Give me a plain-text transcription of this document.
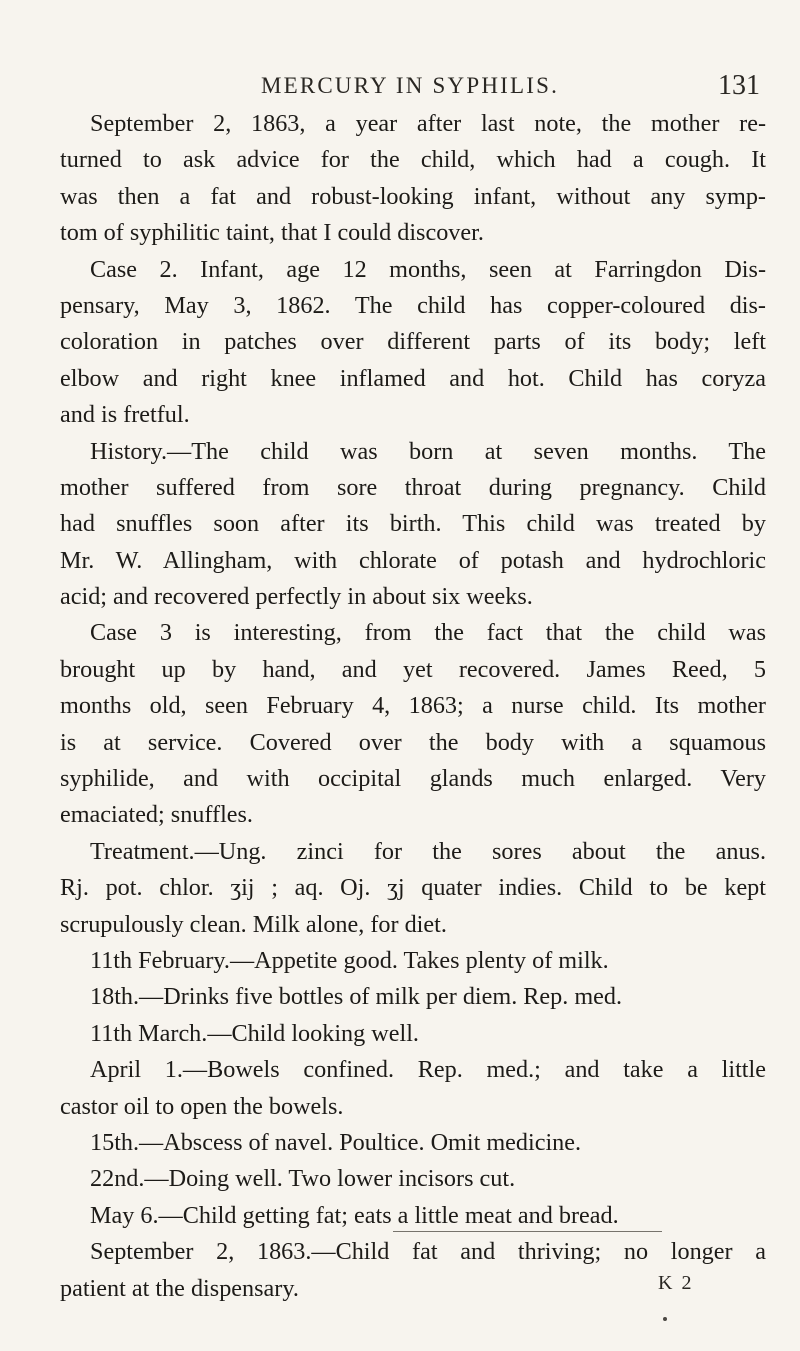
MERCURY IN SYPHILIS.	131
September 2, 1863, a year after last note, the mother re-
turned to ask advice for the child, which had a cough. It
was then a fat and robust-looking infant, without any symp-
tom of syphilitic taint, that I could discover.
Case 2. Infant, age 12 months, seen at Farringdon Dis-
pensary, May 3, 1862. The child has copper-coloured dis-
coloration in patches over different parts of its body; left
elbow and right knee inflamed and hot. Child has coryza
and is fretful.
History.—The child was born at seven months. The
mother suffered from sore throat during pregnancy. Child
had snuffles soon after its birth. This child was treated by
Mr. W. Allingham, with chlorate of potash and hydrochloric
acid; and recovered perfectly in about six weeks.
Case 3 is interesting, from the fact that the child was
brought up by hand, and yet recovered. James Reed, 5
months old, seen February 4, 1863; a nurse child. Its mother
is at service. Covered over the body with a squamous
syphilide, and with occipital glands much enlarged. Very
emaciated; snuffles.
Treatment.—Ung. zinci for the sores about the anus.
Rj. pot. chlor. ʒij ; aq. Oj. ʒj quater indies. Child to be kept
scrupulously clean. Milk alone, for diet.
11th February.—Appetite good. Takes plenty of milk.
18th.—Drinks five bottles of milk per diem. Rep. med.
11th March.—Child looking well.
April 1.—Bowels confined. Rep. med.; and take a little
castor oil to open the bowels.
15th.—Abscess of navel. Poultice. Omit medicine.
22nd.—Doing well. Two lower incisors cut.
May 6.—Child getting fat; eats a little meat and bread.
September 2, 1863.—Child fat and thriving; no longer a
patient at the dispensary.	K 2
